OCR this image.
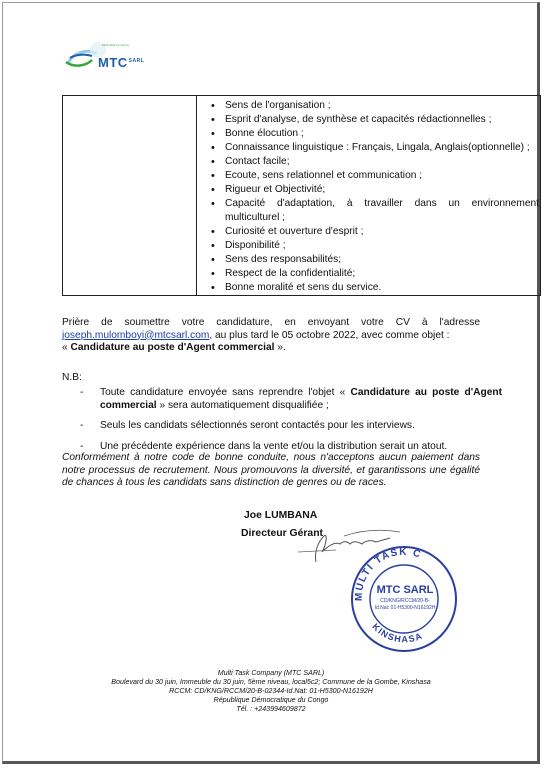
Multi Task Company
$MTC^{SARL}$
• Sens de l'organisation ;
• Esprit d'analyse, de synthèse et capacités rédactionnelles ;
• Bonne élocution ;
• Connaissance linguistique : Français, Lingala, Anglais(optionnelle) ;
• Contact facile;
• Ecoute, sens relationnel et communication ;
• Rigueur et Objectivité;
• Capacité d'adaptation, à travailler dans un environnement multiculturel ;
• Curiosité et ouverture d'esprit ;
• Disponibilité ;
• Sens des responsabilités;
• Respect de la confidentialité;
• Bonne moralité et sens du service.
Prière de soumettre votre candidature, en envoyant votre CV à l'adresse joseph.mulomboyi@mtcsarl.com, au plus tard le 05 octobre 2022, avec comme objet :
« Candidature au poste d'Agent commercial ».
N.B:
- Toute candidature envoyée sans reprendre l'objet « Candidature au poste d'Agent commercial » sera automatiquement disqualifiée ;
- Seuls les candidats sélectionnés seront contactés pour les interviews.
- Une précédente expérience dans la vente et/ou la distribution serait un atout.
Conformément à notre code de bonne conduite, nous n'acceptons aucun paiement dans notre processus de recrutement. Nous promouvons la diversité, et garantissons une égalité de chances à tous les candidats sans distinction de genres ou de races.
Joe LUMBANA
Directeur Gérant
MULTI TASK C
KINSHASA
MTC SARL
CD/KNG/RCCM/20-B-
Id.Nat: 01-H5300-N16192H
Multi Task Company (MTC SARL)
Boulevard du 30 juin, Immeuble du 30 juin, 5ème niveau, local5c2; Commune de la Gombe, Kinshasa
RCCM: CD/KNG/RCCM/20-B-02344-Id.Nat: 01-H5300-N16192H
République Démocratique du Congo
Tél. : +243994609872
